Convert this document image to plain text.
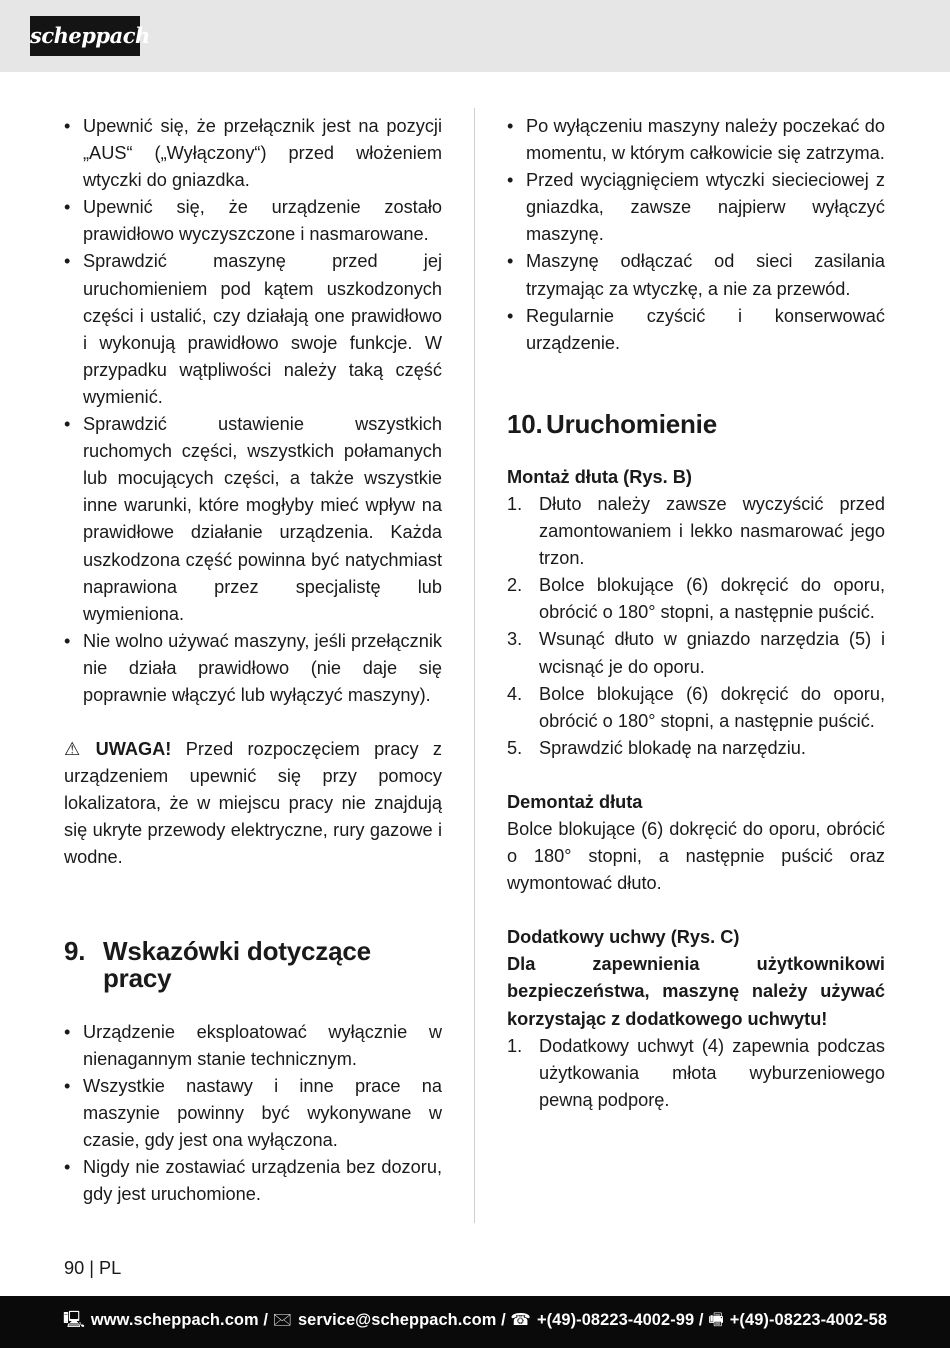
scheppach
• Upewnić się, że przełącznik jest na pozycji „AUS“ („Wyłączony“) przed włożeniem wtyczki do gniazdka.
• Upewnić się, że urządzenie zostało prawidłowo wyczyszczone i nasmarowane.
• Sprawdzić maszynę przed jej uruchomieniem pod kątem uszkodzonych części i ustalić, czy działają one prawidłowo i wykonują prawidłowo swoje funkcje. W przypadku wątpliwości należy taką część wymienić.
• Sprawdzić ustawienie wszystkich ruchomych części, wszystkich połamanych lub mocujących części, a także wszystkie inne warunki, które mogłyby mieć wpływ na prawidłowe działanie urządzenia. Każda uszkodzona część powinna być natychmiast naprawiona przez specjalistę lub wymieniona.
• Nie wolno używać maszyny, jeśli przełącznik nie działa prawidłowo (nie daje się poprawnie włączyć lub wyłączyć maszyny).

⚠ UWAGA! Przed rozpoczęciem pracy z urządzeniem upewnić się przy pomocy lokalizatora, że w miejscu pracy nie znajdują się ukryte przewody elektryczne, rury gazowe i wodne.

9. Wskazówki dotyczące pracy
• Urządzenie eksploatować wyłącznie w nienagannym stanie technicznym.
• Wszystkie nastawy i inne prace na maszynie powinny być wykonywane w czasie, gdy jest ona wyłączona.
• Nigdy nie zostawiać urządzenia bez dozoru, gdy jest uruchomione.
• Po wyłączeniu maszyny należy poczekać do momentu, w którym całkowicie się zatrzyma.
• Przed wyciągnięciem wtyczki siecieciowej z gniazdka, zawsze najpierw wyłączyć maszynę.
• Maszynę odłączać od sieci zasilania trzymając za wtyczkę, a nie za przewód.
• Regularnie czyścić i konserwować urządzenie.
10. Uruchomienie

Montaż dłuta (Rys. B)

1. Dłuto należy zawsze wyczyścić przed zamontowaniem i lekko nasmarować jego trzon.
2. Bolce blokujące (6) dokręcić do oporu, obrócić o 180° stopni, a następnie puścić.
3. Wsunąć dłuto w gniazdo narzędzia (5) i wcisnąć je do oporu.
4. Bolce blokujące (6) dokręcić do oporu, obrócić o 180° stopni, a następnie puścić.
5. Sprawdzić blokadę na narzędziu.

Demontaż dłuta

Bolce blokujące (6) dokręcić do oporu, obrócić o 180° stopni, a następnie puścić oraz wymontować dłuto.

Dodatkowy uchwy (Rys. C)

Dla zapewnienia użytkownikowi bezpieczeństwa, maszynę należy używać korzystając z dodatkowego uchwytu!

1. Dodatkowy uchwyt (4) zapewnia podczas użytkowania młota wyburzeniowego pewną podporę.
90 | PL
🖳 www.scheppach.com / 🖂 service@scheppach.com / ☎ +(49)-08223-4002-99 / 🖷 +(49)-08223-4002-58
